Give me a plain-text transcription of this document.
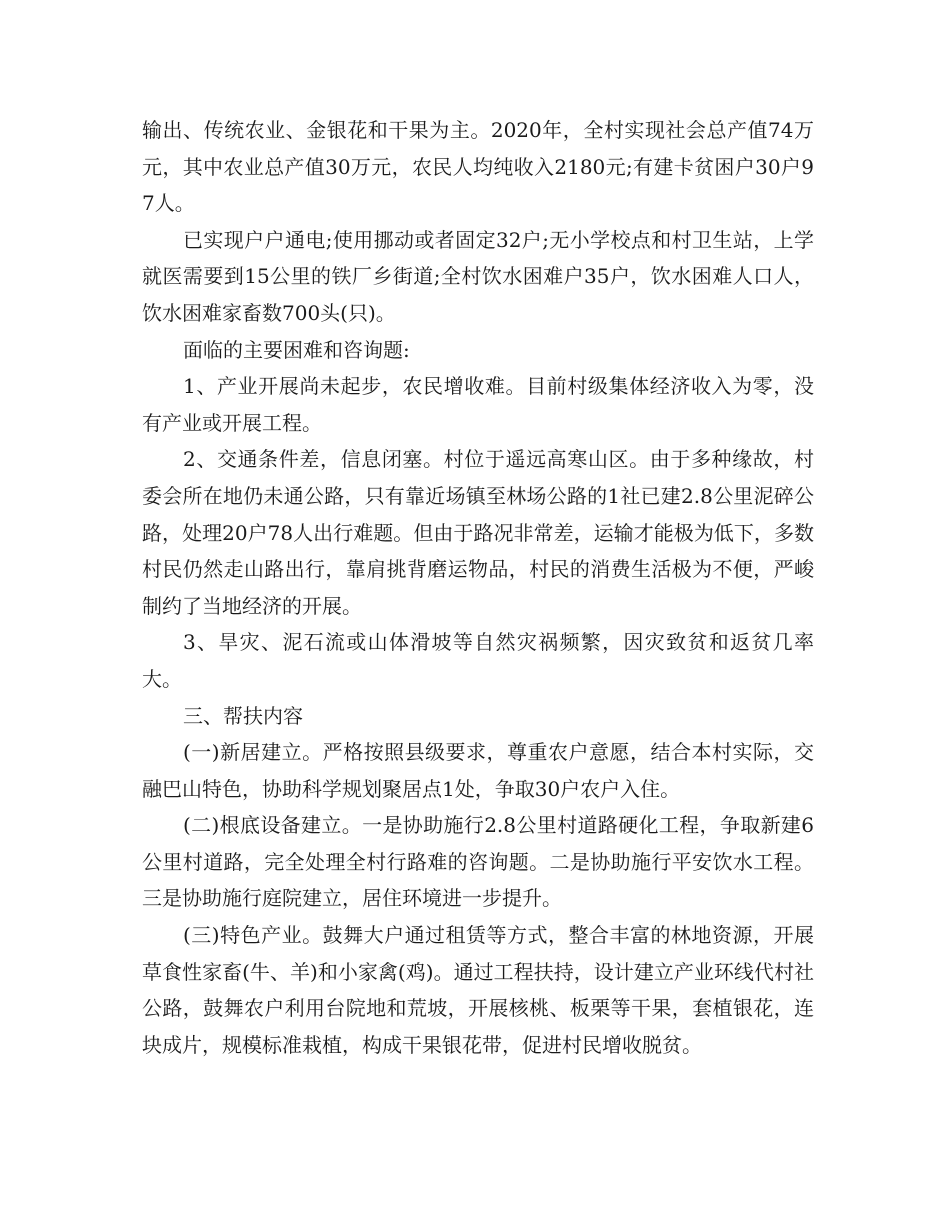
输出、传统农业、金银花和干果为主。2020年，全村实现社会总产值74万元，其中农业总产值30万元，农民人均纯收入2180元;有建卡贫困户30户97人。

已实现户户通电;使用挪动或者固定32户;无小学校点和村卫生站，上学就医需要到15公里的铁厂乡街道;全村饮水困难户35户，饮水困难人口人，饮水困难家畜数700头(只)。

面临的主要困难和咨询题:

1、产业开展尚未起步，农民增收难。目前村级集体经济收入为零，没有产业或开展工程。

2、交通条件差，信息闭塞。村位于遥远高寒山区。由于多种缘故，村委会所在地仍未通公路，只有靠近场镇至林场公路的1社已建2.8公里泥碎公路，处理20户78人出行难题。但由于路况非常差，运输才能极为低下，多数村民仍然走山路出行，靠肩挑背磨运物品，村民的消费生活极为不便，严峻制约了当地经济的开展。

3、旱灾、泥石流或山体滑坡等自然灾祸频繁，因灾致贫和返贫几率大。

三、帮扶内容

(一)新居建立。严格按照县级要求，尊重农户意愿，结合本村实际，交融巴山特色，协助科学规划聚居点1处，争取30户农户入住。

(二)根底设备建立。一是协助施行2.8公里村道路硬化工程，争取新建6公里村道路，完全处理全村行路难的咨询题。二是协助施行平安饮水工程。三是协助施行庭院建立，居住环境进一步提升。

(三)特色产业。鼓舞大户通过租赁等方式，整合丰富的林地资源，开展草食性家畜(牛、羊)和小家禽(鸡)。通过工程扶持，设计建立产业环线代村社公路，鼓舞农户利用台院地和荒坡，开展核桃、板栗等干果，套植银花，连块成片，规模标准栽植，构成干果银花带，促进村民增收脱贫。
